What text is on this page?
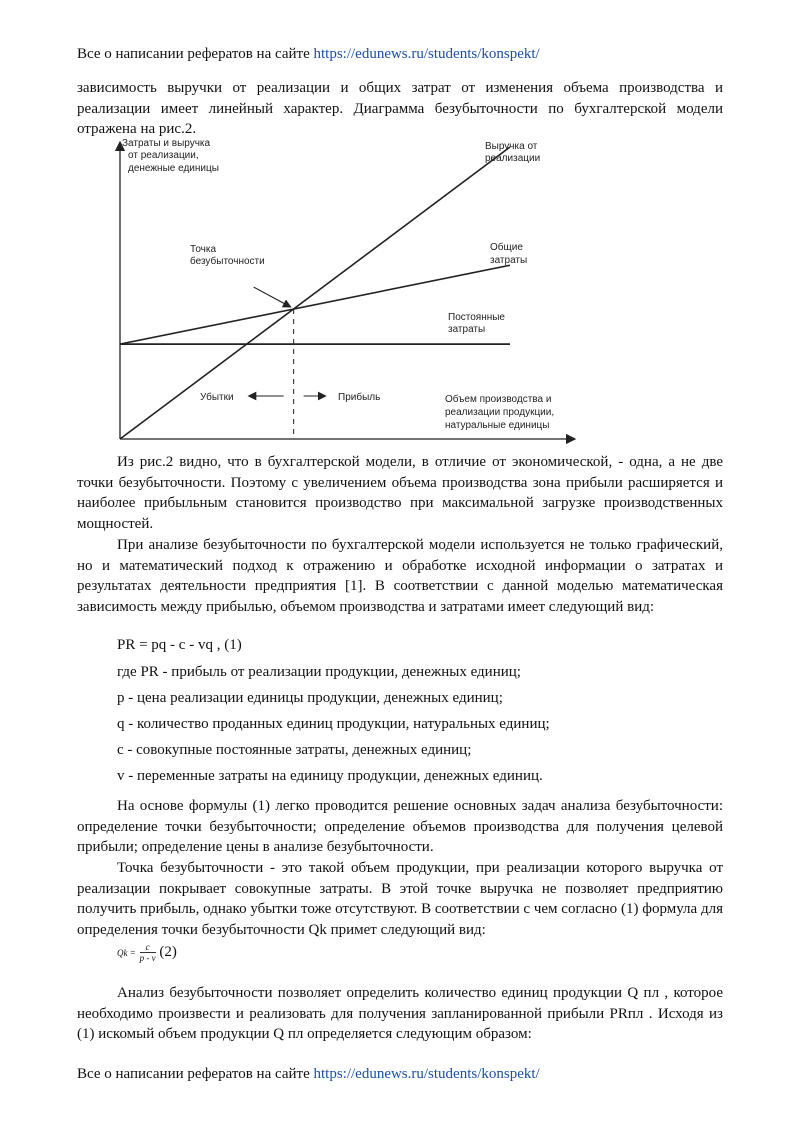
Все о написании рефератов на сайте https://edunews.ru/students/konspekt/

зависимость выручки от реализации и общих затрат от изменения объема производства и реализации имеет линейный характер. Диаграмма безубыточности по бухгалтерской модели отражена на рис.2.

Затраты и выручка
от реализации,
денежные единицы
Точка
безубыточности
Убытки	Прибыль
Выручка от
реализации
Общие
затраты
Постоянные
затраты
Объем производства и
реализации продукции,
натуральные единицы

Из рис.2 видно, что в бухгалтерской модели, в отличие от экономической, - одна, а не две точки безубыточности. Поэтому с увеличением объема производства зона прибыли расширяется и наиболее прибыльным становится производство при максимальной загрузке производственных мощностей.

При анализе безубыточности по бухгалтерской модели используется не только графический, но и математический подход к отражению и обработке исходной информации о затратах и результатах деятельности предприятия [1]. В соответствии с данной моделью математическая зависимость между прибылью, объемом производства и затратами имеет следующий вид:

PR = pq - c - vq , (1)
где PR - прибыль от реализации продукции, денежных единиц;
p - цена реализации единицы продукции, денежных единиц;
q - количество проданных единиц продукции, натуральных единиц;
c - совокупные постоянные затраты, денежных единиц;
v - переменные затраты на единицу продукции, денежных единиц.

На основе формулы (1) легко проводится решение основных задач анализа безубыточности: определение точки безубыточности; определение объемов производства для получения целевой прибыли; определение цены в анализе безубыточности.

Точка безубыточности - это такой объем продукции, при реализации которого выручка от реализации покрывает совокупные затраты. В этой точке выручка не позволяет предприятию получить прибыль, однако убытки тоже отсутствуют. В соответствии с чем согласно (1) формула для определения точки безубыточности Qk примет следующий вид:

$Qk = \frac{c}{p - v} (2)$

Анализ безубыточности позволяет определить количество единиц продукции Q пл , которое необходимо произвести и реализовать для получения запланированной прибыли PRпл . Исходя из (1) искомый объем продукции Q пл определяется следующим образом:

Все о написании рефератов на сайте https://edunews.ru/students/konspekt/
